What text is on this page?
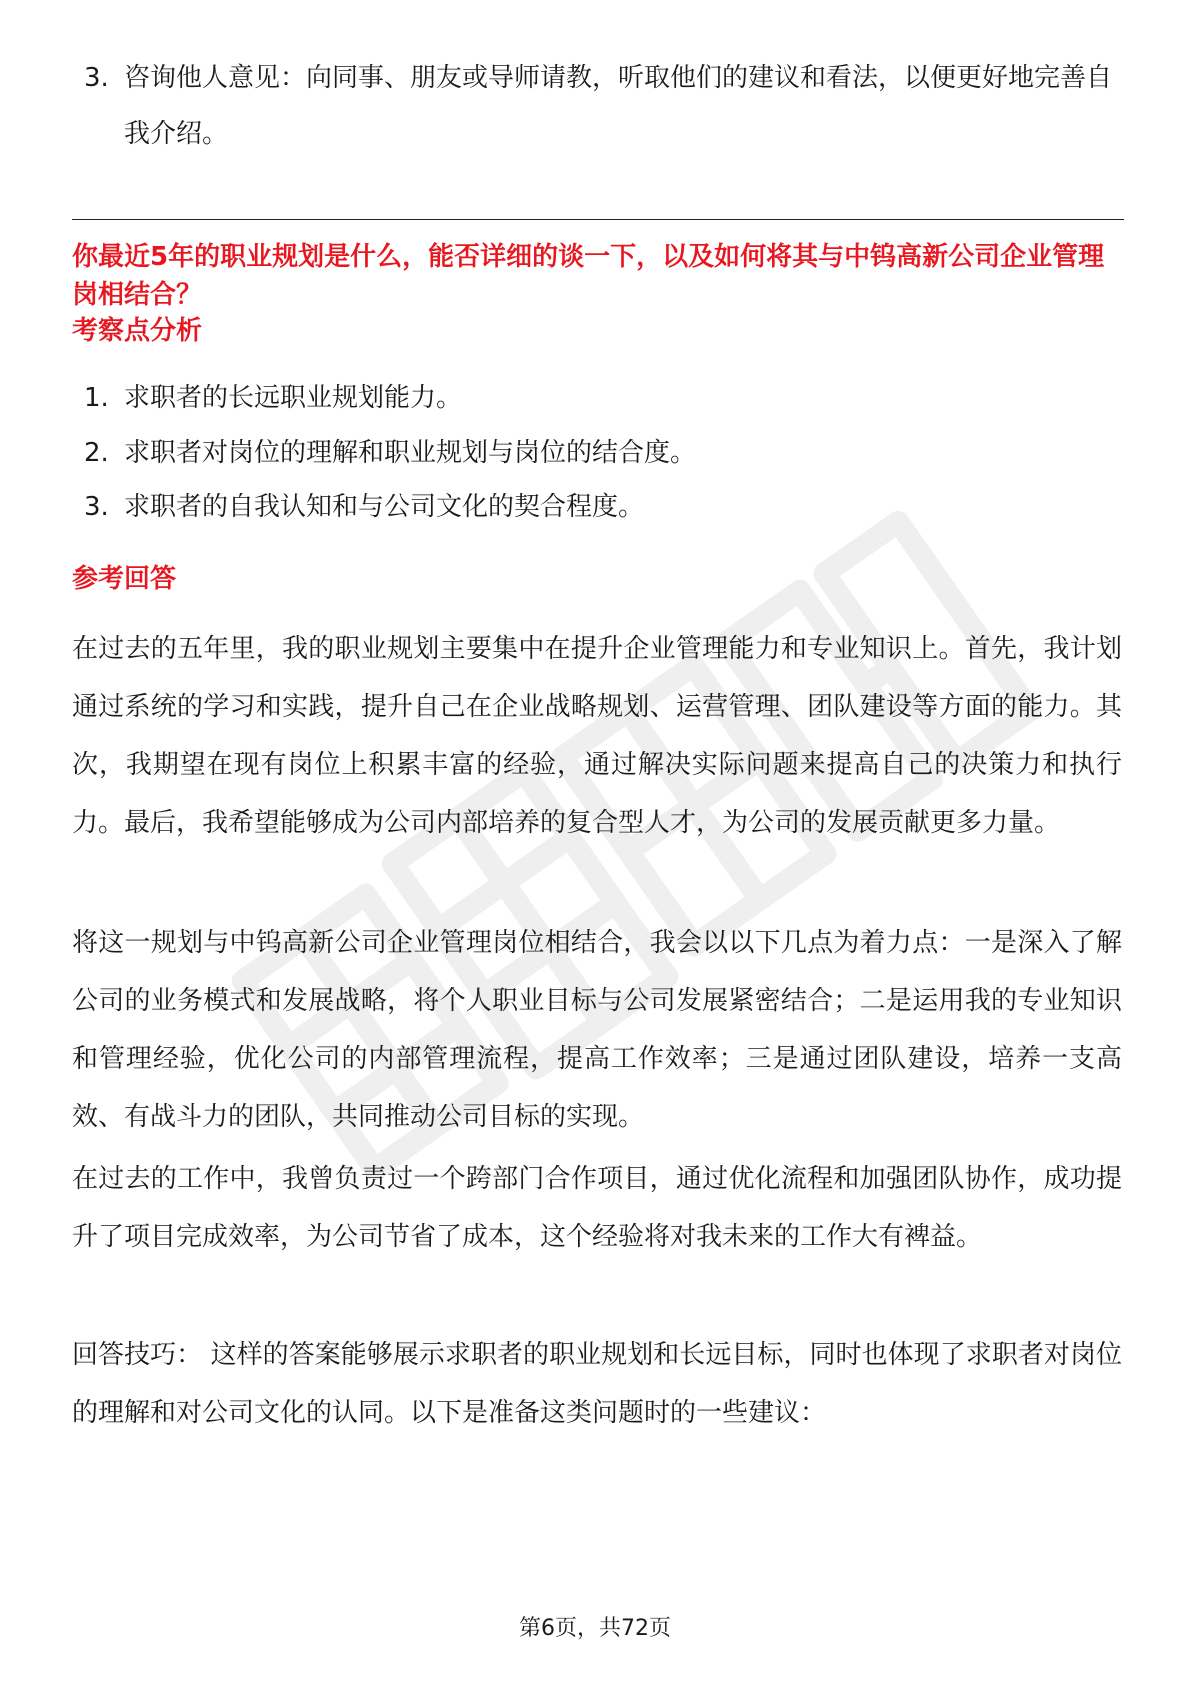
3. 咨询他人意见：向同事、朋友或导师请教，听取他们的建议和看法，以便更好地完善自我介绍。
你最近5年的职业规划是什么，能否详细的谈一下，以及如何将其与中钨高新公司企业管理岗相结合？
考察点分析
1. 求职者的长远职业规划能力。
2. 求职者对岗位的理解和职业规划与岗位的结合度。
3. 求职者的自我认知和与公司文化的契合程度。
参考回答
在过去的五年里，我的职业规划主要集中在提升企业管理能力和专业知识上。首先，我计划通过系统的学习和实践，提升自己在企业战略规划、运营管理、团队建设等方面的能力。其次，我期望在现有岗位上积累丰富的经验，通过解决实际问题来提高自己的决策力和执行力。最后，我希望能够成为公司内部培养的复合型人才，为公司的发展贡献更多力量。
将这一规划与中钨高新公司企业管理岗位相结合，我会以以下几点为着力点：一是深入了解公司的业务模式和发展战略，将个人职业目标与公司发展紧密结合；二是运用我的专业知识和管理经验，优化公司的内部管理流程，提高工作效率；三是通过团队建设，培养一支高效、有战斗力的团队，共同推动公司目标的实现。
在过去的工作中，我曾负责过一个跨部门合作项目，通过优化流程和加强团队协作，成功提升了项目完成效率，为公司节省了成本，这个经验将对我未来的工作大有裨益。
回答技巧： 这样的答案能够展示求职者的职业规划和长远目标，同时也体现了求职者对岗位的理解和对公司文化的认同。以下是准备这类问题时的一些建议：
第6页，共72页
